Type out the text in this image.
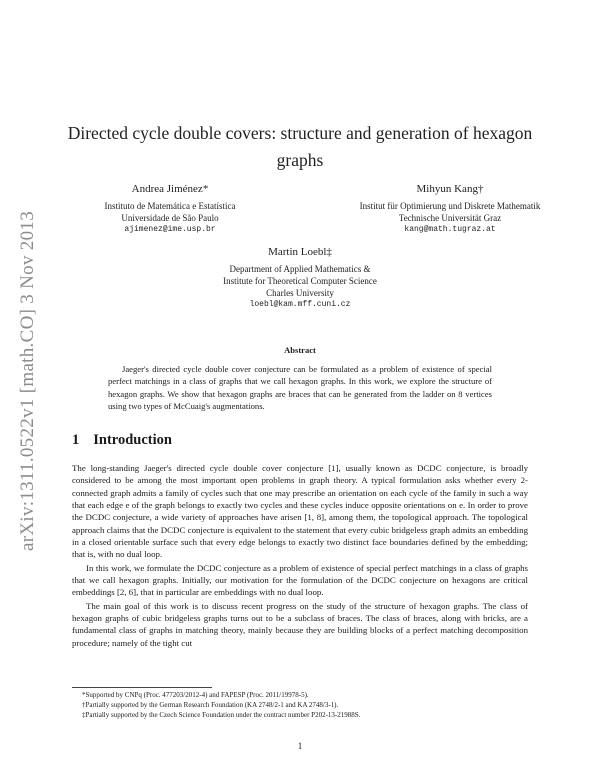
arXiv:1311.0522v1 [math.CO] 3 Nov 2013
Directed cycle double covers: structure and generation of hexagon graphs
Andrea Jiménez*
Instituto de Matemática e Estatística
Universidade de São Paulo
ajimenez@ime.usp.br
Mihyun Kang†
Institut für Optimierung und Diskrete Mathematik
Technische Universität Graz
kang@math.tugraz.at
Martin Loebl‡
Department of Applied Mathematics &
Institute for Theoretical Computer Science
Charles University
loebl@kam.mff.cuni.cz
Abstract
Jaeger's directed cycle double cover conjecture can be formulated as a problem of existence of special perfect matchings in a class of graphs that we call hexagon graphs. In this work, we explore the structure of hexagon graphs. We show that hexagon graphs are braces that can be generated from the ladder on 8 vertices using two types of McCuaig's augmentations.
1 Introduction

The long-standing Jaeger's directed cycle double cover conjecture [1], usually known as DCDC conjecture, is broadly considered to be among the most important open problems in graph theory. A typical formulation asks whether every 2-connected graph admits a family of cycles such that one may prescribe an orientation on each cycle of the family in such a way that each edge e of the graph belongs to exactly two cycles and these cycles induce opposite orientations on e. In order to prove the DCDC conjecture, a wide variety of approaches have arisen [1, 8], among them, the topological approach. The topological approach claims that the DCDC conjecture is equivalent to the statement that every cubic bridgeless graph admits an embedding in a closed orientable surface such that every edge belongs to exactly two distinct face boundaries defined by the embedding; that is, with no dual loop.

In this work, we formulate the DCDC conjecture as a problem of existence of special perfect matchings in a class of graphs that we call hexagon graphs. Initially, our motivation for the formulation of the DCDC conjecture on hexagons are critical embeddings [2, 6], that in particular are embeddings with no dual loop.

The main goal of this work is to discuss recent progress on the study of the structure of hexagon graphs. The class of hexagon graphs of cubic bridgeless graphs turns out to be a subclass of braces. The class of braces, along with bricks, are a fundamental class of graphs in matching theory, mainly because they are building blocks of a perfect matching decomposition procedure; namely of the tight cut

*Supported by CNPq (Proc. 477203/2012-4) and FAPESP (Proc. 2011/19978-5).
†Partially supported by the German Research Foundation (KA 2748/2-1 and KA 2748/3-1).
‡Partially supported by the Czech Science Foundation under the contract number P202-13-21988S.
1
